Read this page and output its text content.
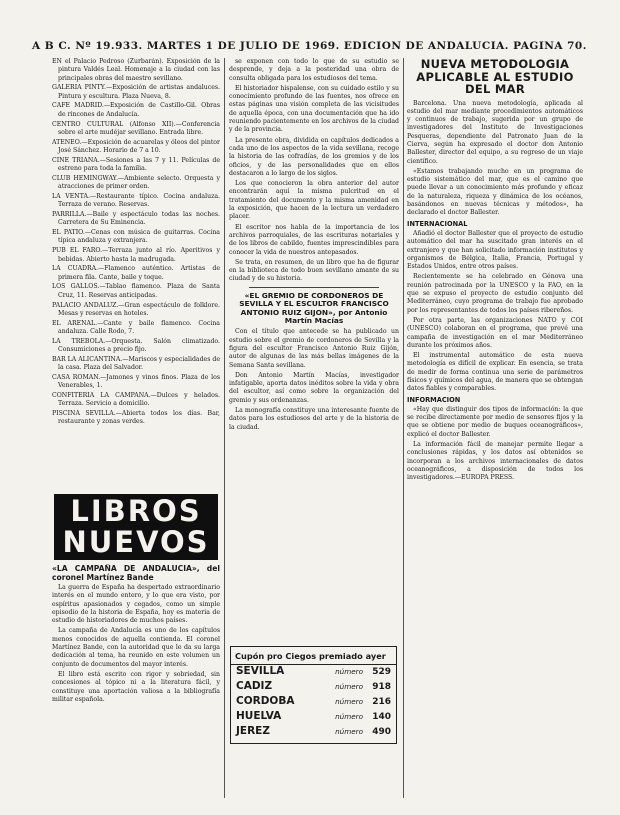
A B C. Nº 19.933. MARTES 1 DE JULIO DE 1969. EDICION DE ANDALUCIA. PAGINA 70.
EN el Palacio Pedroso (Zurbarán). Exposición de la pintura Valdés Leal. Homenaje a la ciudad con las principales obras del maestro sevillano.
GALERIA PINTY.—Exposición de artistas andaluces. Pintura y escultura. Plaza Nueva, 8.
CAFE MADRID.—Exposición de Castillo-Gil. Obras de rincones de Andalucía.
CENTRO CULTURAL (Alfonso XII).—Conferencia sobre el arte mudéjar sevillano. Entrada libre.
ATENEO.—Exposición de acuarelas y óleos del pintor José Sánchez. Horario de 7 a 10.
CINE TRIANA.—Sesiones a las 7 y 11. Películas de estreno para toda la familia.
CLUB HEMINGWAY.—Ambiente selecto. Orquesta y atracciones de primer orden.
LA VENTA.—Restaurante típico. Cocina andaluza. Terraza de verano. Reservas.
PARRILLA.—Baile y espectáculo todas las noches. Carretera de Su Eminencia.
EL PATIO.—Cenas con música de guitarras. Cocina típica andaluza y extranjera.
PUB EL FARO.—Terraza junto al río. Aperitivos y bebidas. Abierto hasta la madrugada.
LA CUADRA.—Flamenco auténtico. Artistas de primera fila. Cante, baile y toque.
LOS GALLOS.—Tablao flamenco. Plaza de Santa Cruz, 11. Reservas anticipadas.
PALACIO ANDALUZ.—Gran espectáculo de folklore. Mesas y reservas en hoteles.
EL ARENAL.—Cante y baile flamenco. Cocina andaluza. Calle Rodo, 7.
LA TREBOLA.—Orquesta. Salón climatizado. Consumiciones a precio fijo.
BAR LA ALICANTINA.—Mariscos y especialidades de la casa. Plaza del Salvador.
CASA ROMAN.—Jamones y vinos finos. Plaza de los Venerables, 1.
CONFITERIA LA CAMPANA.—Dulces y helados. Terraza. Servicio a domicilio.
PISCINA SEVILLA.—Abierta todos los días. Bar, restaurante y zonas verdes.
LIBROS
NUEVOS
«LA CAMPAÑA DE ANDALUCIA», del coronel Martínez Bande

La guerra de España ha despertado extraordinario interés en el mundo entero, y lo que era visto, por espíritus apasionados y cegados, como un simple episodio de la historia de España, hoy es materia de estudio de historiadores de muchos países.

La campaña de Andalucía es uno de los capítulos menos conocidos de aquella contienda. El coronel Martínez Bande, con la autoridad que le da su larga dedicación al tema, ha reunido en este volumen un conjunto de documentos del mayor interés.

El libro está escrito con rigor y sobriedad, sin concesiones al tópico ni a la literatura fácil, y constituye una aportación valiosa a la bibliografía militar española.

se exponen con todo lo que de su estudio se desprende, y deja a la posteridad una obra de consulta obligada para los estudiosos del tema.

El historiador hispalense, con su cuidado estilo y su conocimiento profundo de las fuentes, nos ofrece en estas páginas una visión completa de las vicisitudes de aquella época, con una documentación que ha ido reuniendo pacientemente en los archivos de la ciudad y de la provincia.

La presente obra, dividida en capítulos dedicados a cada uno de los aspectos de la vida sevillana, recoge la historia de las cofradías, de los gremios y de los oficios, y de las personalidades que en ellos destacaron a lo largo de los siglos.

Los que conocieron la obra anterior del autor encontrarán aquí la misma pulcritud en el tratamiento del documento y la misma amenidad en la exposición, que hacen de la lectura un verdadero placer.

El escritor nos habla de la importancia de los archivos parroquiales, de las escrituras notariales y de los libros de cabildo, fuentes imprescindibles para conocer la vida de nuestros antepasados.

Se trata, en resumen, de un libro que ha de figurar en la biblioteca de todo buen sevillano amante de su ciudad y de su historia.

«EL GREMIO DE CORDONEROS DE SEVILLA Y EL ESCULTOR FRANCISCO ANTONIO RUIZ GIJON», por Antonio Martín Macías

Con el título que antecede se ha publicado un estudio sobre el gremio de cordoneros de Sevilla y la figura del escultor Francisco Antonio Ruiz Gijón, autor de algunas de las más bellas imágenes de la Semana Santa sevillana.

Don Antonio Martín Macías, investigador infatigable, aporta datos inéditos sobre la vida y obra del escultor, así como sobre la organización del gremio y sus ordenanzas.

La monografía constituye una interesante fuente de datos para los estudiosos del arte y de la historia de la ciudad.

Cupón pro Ciegos premiado ayer
SEVILLA	número	529
CADIZ	número	918
CORDOBA	número	216
HUELVA	número	140
JEREZ	número	490
NUEVA METODOLOGIA APLICABLE AL ESTUDIO DEL MAR

Barcelona. Una nueva metodología, aplicada al estudio del mar mediante procedimientos automáticos y continuos de trabajo, sugerida por un grupo de investigadores del Instituto de Investigaciones Pesqueras, dependiente del Patronato Juan de la Cierva, según ha expresado el doctor don Antonio Ballester, director del equipo, a su regreso de un viaje científico.

«Estamos trabajando mucho en un programa de estudio sistemático del mar, que es el camino que puede llevar a un conocimiento más profundo y eficaz de la naturaleza, riqueza y dinámica de los océanos, basándonos en nuevas técnicas y métodos», ha declarado el doctor Ballester.

INTERNACIONAL

Añadió el doctor Ballester que el proyecto de estudio automático del mar ha suscitado gran interés en el extranjero y que han solicitado información institutos y organismos de Bélgica, Italia, Francia, Portugal y Estados Unidos, entre otros países.

Recientemente se ha celebrado en Génova una reunión patrocinada por la UNESCO y la FAO, en la que se expuso el proyecto de estudio conjunto del Mediterráneo, cuyo programa de trabajo fue aprobado por los representantes de todos los países ribereños.

Por otra parte, las organizaciones NATO y COI (UNESCO) colaboran en el programa, que prevé una campaña de investigación en el mar Mediterráneo durante los próximos años.

El instrumental automático de esta nueva metodología es difícil de explicar. En esencia, se trata de medir de forma continua una serie de parámetros físicos y químicos del agua, de manera que se obtengan datos fiables y comparables.

INFORMACION

«Hay que distinguir dos tipos de información: la que se recibe directamente por medio de sensores fijos y la que se obtiene por medio de buques oceanográficos», explicó el doctor Ballester.

La información fácil de manejar permite llegar a conclusiones rápidas, y los datos así obtenidos se incorporan a los archivos internacionales de datos oceanográficos, a disposición de todos los investigadores.—EUROPA PRESS.
